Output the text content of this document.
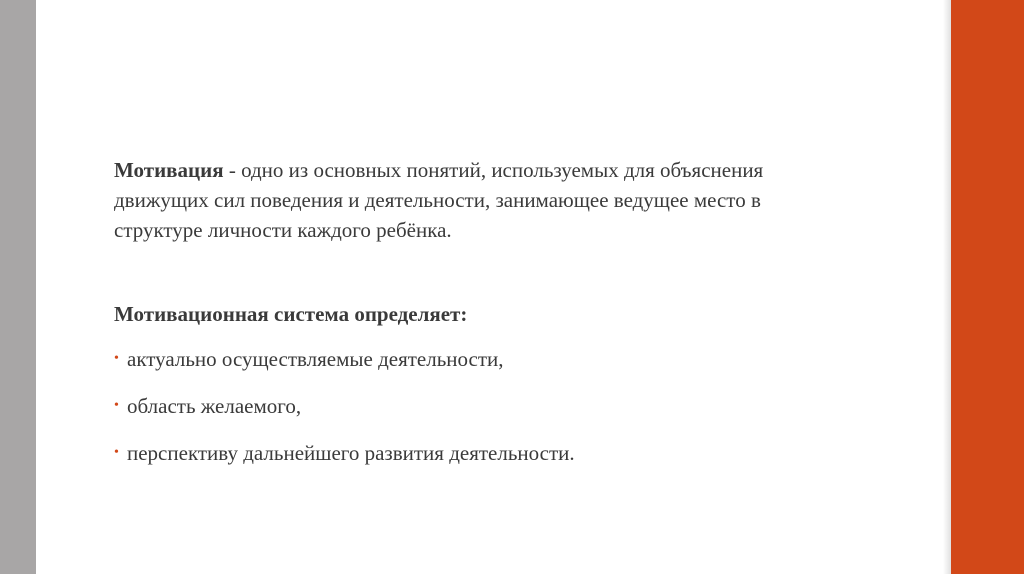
Мотивация - одно из основных понятий, используемых для объяснения движущих сил поведения и деятельности, занимающее ведущее место в структуре личности каждого ребёнка.

Мотивационная система определяет:

• актуально осуществляемые деятельности,
• область желаемого,
• перспективу дальнейшего развития деятельности.
